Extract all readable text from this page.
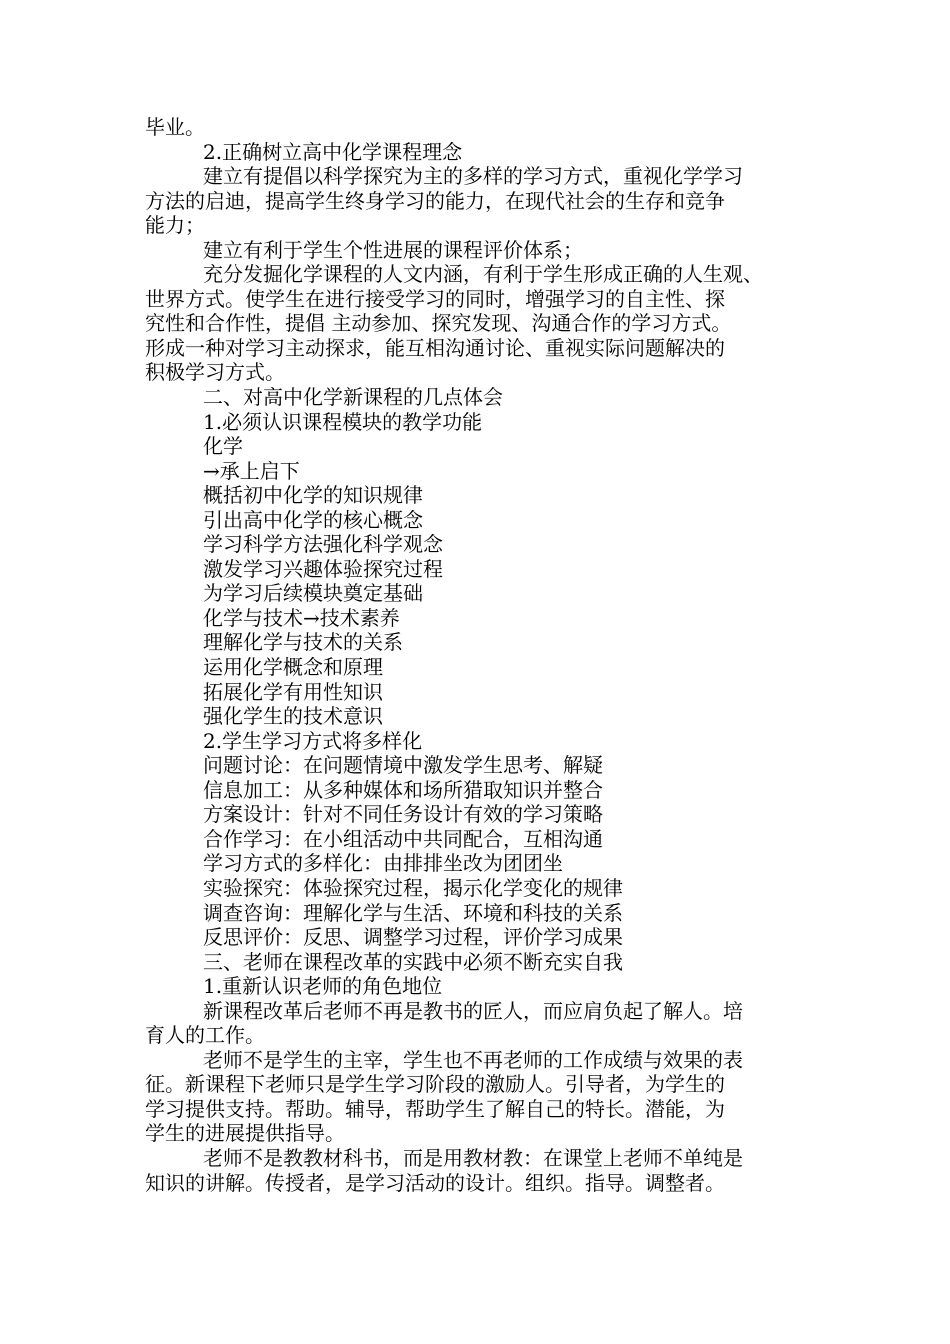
毕业。
2.正确树立高中化学课程理念
建立有提倡以科学探究为主的多样的学习方式，重视化学学习
方法的启迪，提高学生终身学习的能力，在现代社会的生存和竞争
能力；
建立有利于学生个性进展的课程评价体系；
充分发掘化学课程的人文内涵，有利于学生形成正确的人生观、
世界方式。使学生在进行接受学习的同时，增强学习的自主性、探
究性和合作性，提倡 主动参加、探究发现、沟通合作的学习方式。
形成一种对学习主动探求，能互相沟通讨论、重视实际问题解决的
积极学习方式。
二、对高中化学新课程的几点体会
1.必须认识课程模块的教学功能
化学
→承上启下
概括初中化学的知识规律
引出高中化学的核心概念
学习科学方法强化科学观念
激发学习兴趣体验探究过程
为学习后续模块奠定基础
化学与技术→技术素养
理解化学与技术的关系
运用化学概念和原理
拓展化学有用性知识
强化学生的技术意识
2.学生学习方式将多样化
问题讨论：在问题情境中激发学生思考、解疑
信息加工：从多种媒体和场所猎取知识并整合
方案设计：针对不同任务设计有效的学习策略
合作学习：在小组活动中共同配合，互相沟通
学习方式的多样化：由排排坐改为团团坐
实验探究：体验探究过程，揭示化学变化的规律
调查咨询：理解化学与生活、环境和科技的关系
反思评价：反思、调整学习过程，评价学习成果
三、老师在课程改革的实践中必须不断充实自我
1.重新认识老师的角色地位
新课程改革后老师不再是教书的匠人，而应肩负起了解人。培
育人的工作。
老师不是学生的主宰，学生也不再老师的工作成绩与效果的表
征。新课程下老师只是学生学习阶段的激励人。引导者，为学生的
学习提供支持。帮助。辅导，帮助学生了解自己的特长。潜能，为
学生的进展提供指导。
老师不是教教材科书，而是用教材教：在课堂上老师不单纯是
知识的讲解。传授者，是学习活动的设计。组织。指导。调整者。
